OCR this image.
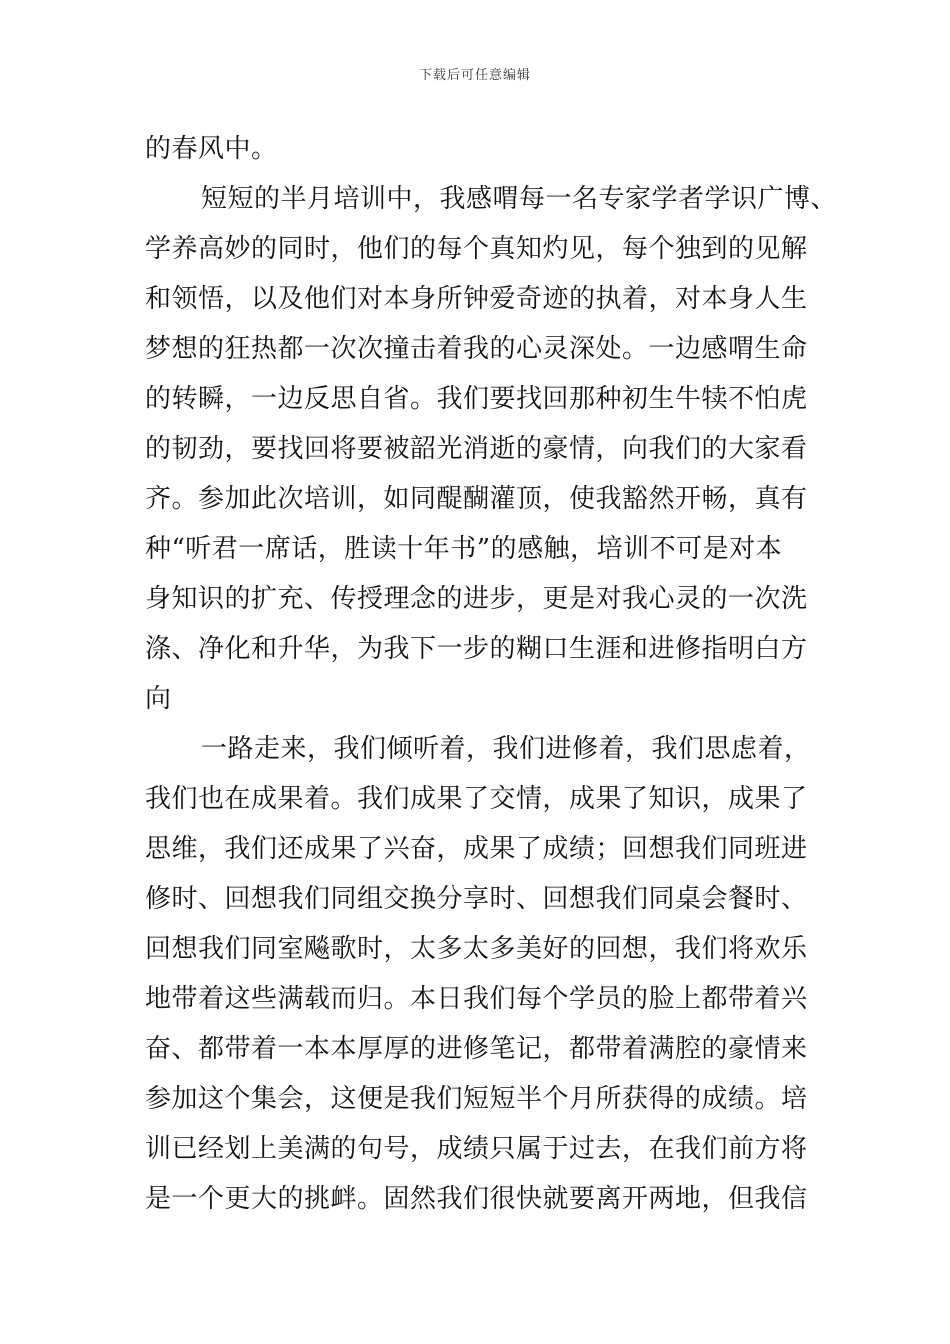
下载后可任意编辑
的春风中。
短短的半月培训中，我感喟每一名专家学者学识广博、
学养高妙的同时，他们的每个真知灼见，每个独到的见解
和领悟，以及他们对本身所钟爱奇迹的执着，对本身人生
梦想的狂热都一次次撞击着我的心灵深处。一边感喟生命
的转瞬，一边反思自省。我们要找回那种初生牛犊不怕虎
的韧劲，要找回将要被韶光消逝的豪情，向我们的大家看
齐。参加此次培训，如同醍醐灌顶，使我豁然开畅，真有
种“听君一席话，胜读十年书”的感触，培训不可是对本
身知识的扩充、传授理念的进步，更是对我心灵的一次洗
涤、净化和升华，为我下一步的糊口生涯和进修指明白方
向
一路走来，我们倾听着，我们进修着，我们思虑着，
我们也在成果着。我们成果了交情，成果了知识，成果了
思维，我们还成果了兴奋，成果了成绩；回想我们同班进
修时、回想我们同组交换分享时、回想我们同桌会餐时、
回想我们同室飚歌时，太多太多美好的回想，我们将欢乐
地带着这些满载而归。本日我们每个学员的脸上都带着兴
奋、都带着一本本厚厚的进修笔记，都带着满腔的豪情来
参加这个集会，这便是我们短短半个月所获得的成绩。培
训已经划上美满的句号，成绩只属于过去，在我们前方将
是一个更大的挑衅。固然我们很快就要离开两地，但我信
